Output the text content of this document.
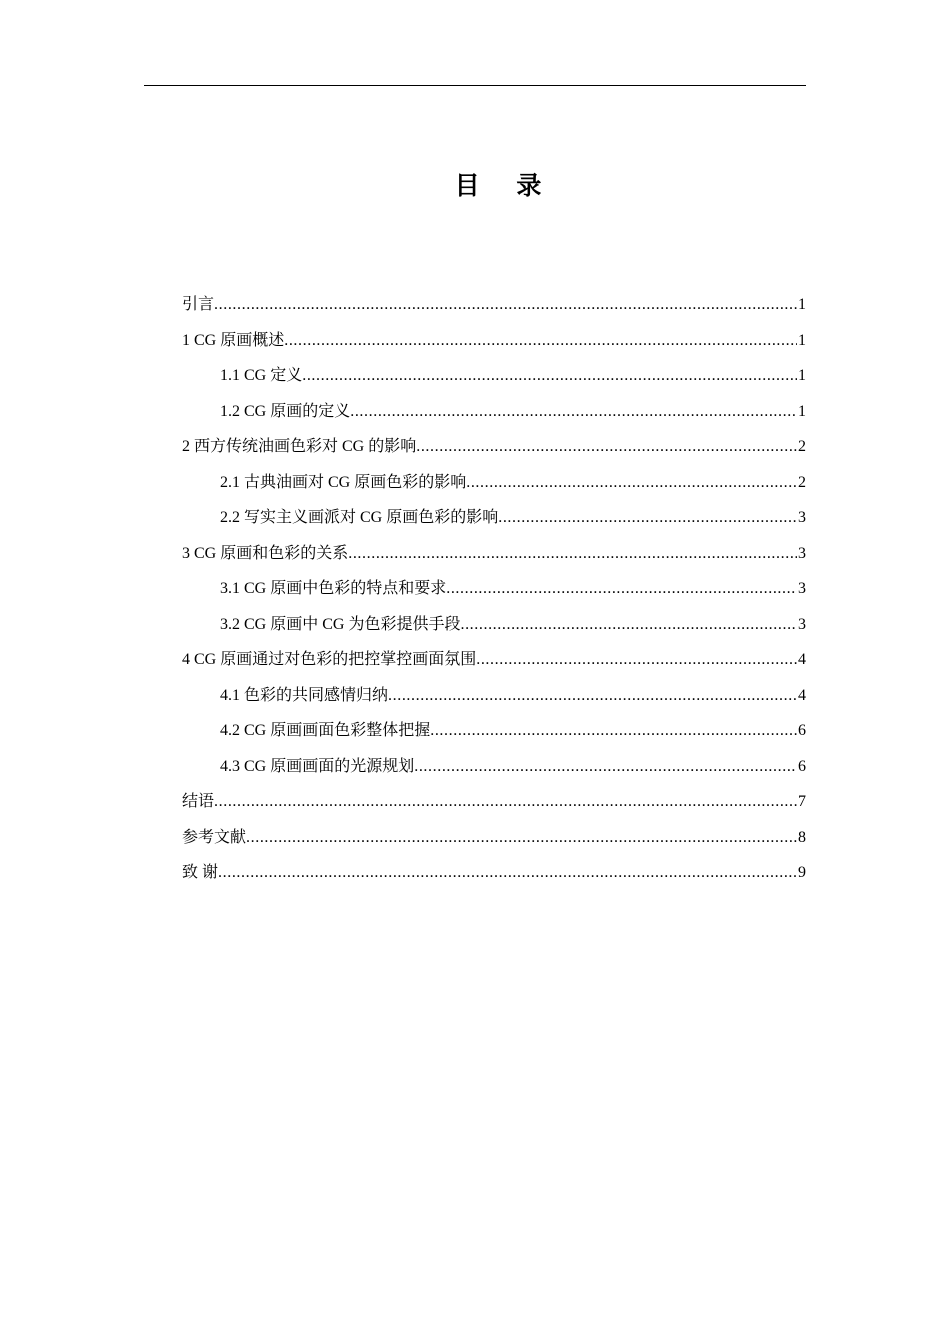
目 录
引言 .....	1
1 CG 原画概述 .....	1
1.1 CG 定义 .....	1
1.2 CG 原画的定义 .....	1
2 西方传统油画色彩对 CG 的影响 .....	2
2.1 古典油画对 CG 原画色彩的影响 .....	2
2.2 写实主义画派对 CG 原画色彩的影响 .....	3
3 CG 原画和色彩的关系 .....	3
3.1 CG 原画中色彩的特点和要求 .....	3
3.2 CG 原画中 CG 为色彩提供手段 .....	3
4 CG 原画通过对色彩的把控掌控画面氛围 .....	4
4.1 色彩的共同感情归纳 .....	4
4.2 CG 原画画面色彩整体把握 .....	6
4.3 CG 原画画面的光源规划 .....	6
结语 .....	7
参考文献 .....	8
致 谢 .....	9
